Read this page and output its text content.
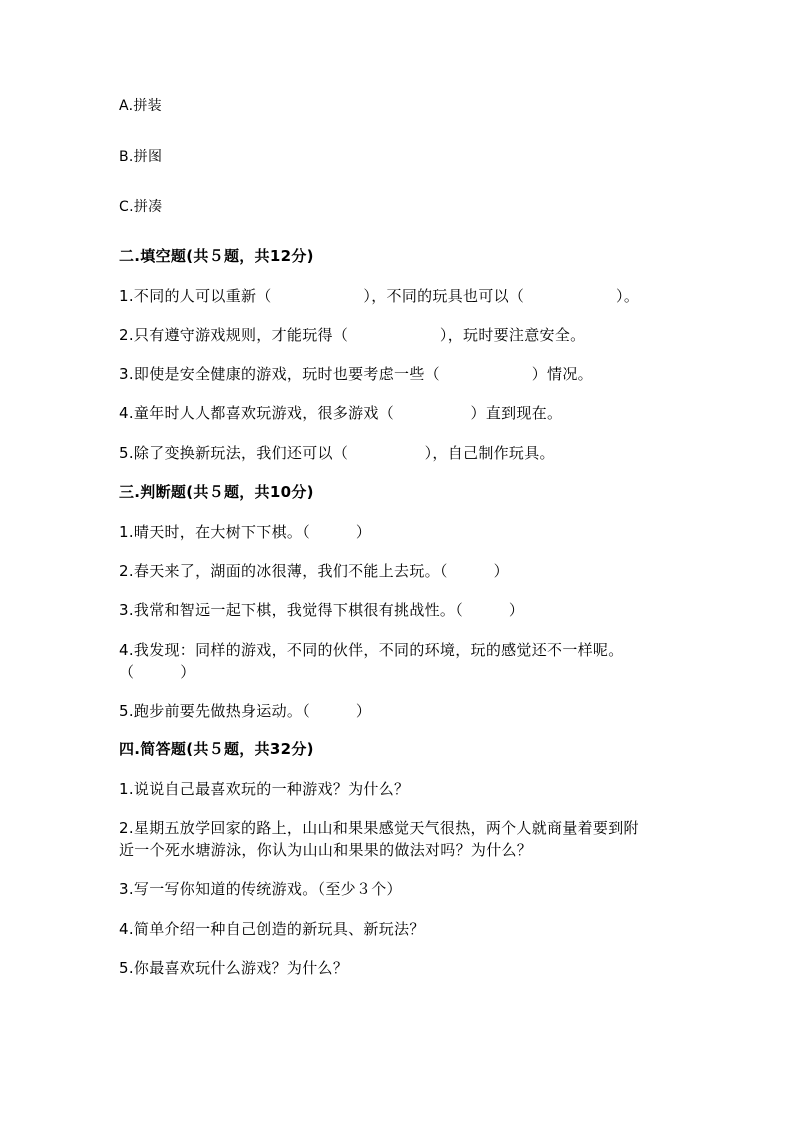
A.拼装
B.拼图
C.拼凑
二.填空题(共５题，共12分)
1.不同的人可以重新（　　　　　　），不同的玩具也可以（　　　　　　）。
2.只有遵守游戏规则，才能玩得（　　　　　　），玩时要注意安全。
3.即使是安全健康的游戏，玩时也要考虑一些（　　　　　　）情况。
4.童年时人人都喜欢玩游戏，很多游戏（　　　　　）直到现在。
5.除了变换新玩法，我们还可以（　　　　　），自己制作玩具。
三.判断题(共５题，共10分)
1.晴天时，在大树下下棋。（　　　）
2.春天来了，湖面的冰很薄，我们不能上去玩。（　　　）
3.我常和智远一起下棋，我觉得下棋很有挑战性。（　　　）
4.我发现：同样的游戏，不同的伙伴，不同的环境，玩的感觉还不一样呢。
（　　　）
5.跑步前要先做热身运动。（　　　）
四.简答题(共５题，共32分)
1.说说自己最喜欢玩的一种游戏？为什么？
2.星期五放学回家的路上，山山和果果感觉天气很热，两个人就商量着要到附
近一个死水塘游泳，你认为山山和果果的做法对吗？为什么？
3.写一写你知道的传统游戏。（至少３个）
4.简单介绍一种自己创造的新玩具、新玩法？
5.你最喜欢玩什么游戏？为什么？
